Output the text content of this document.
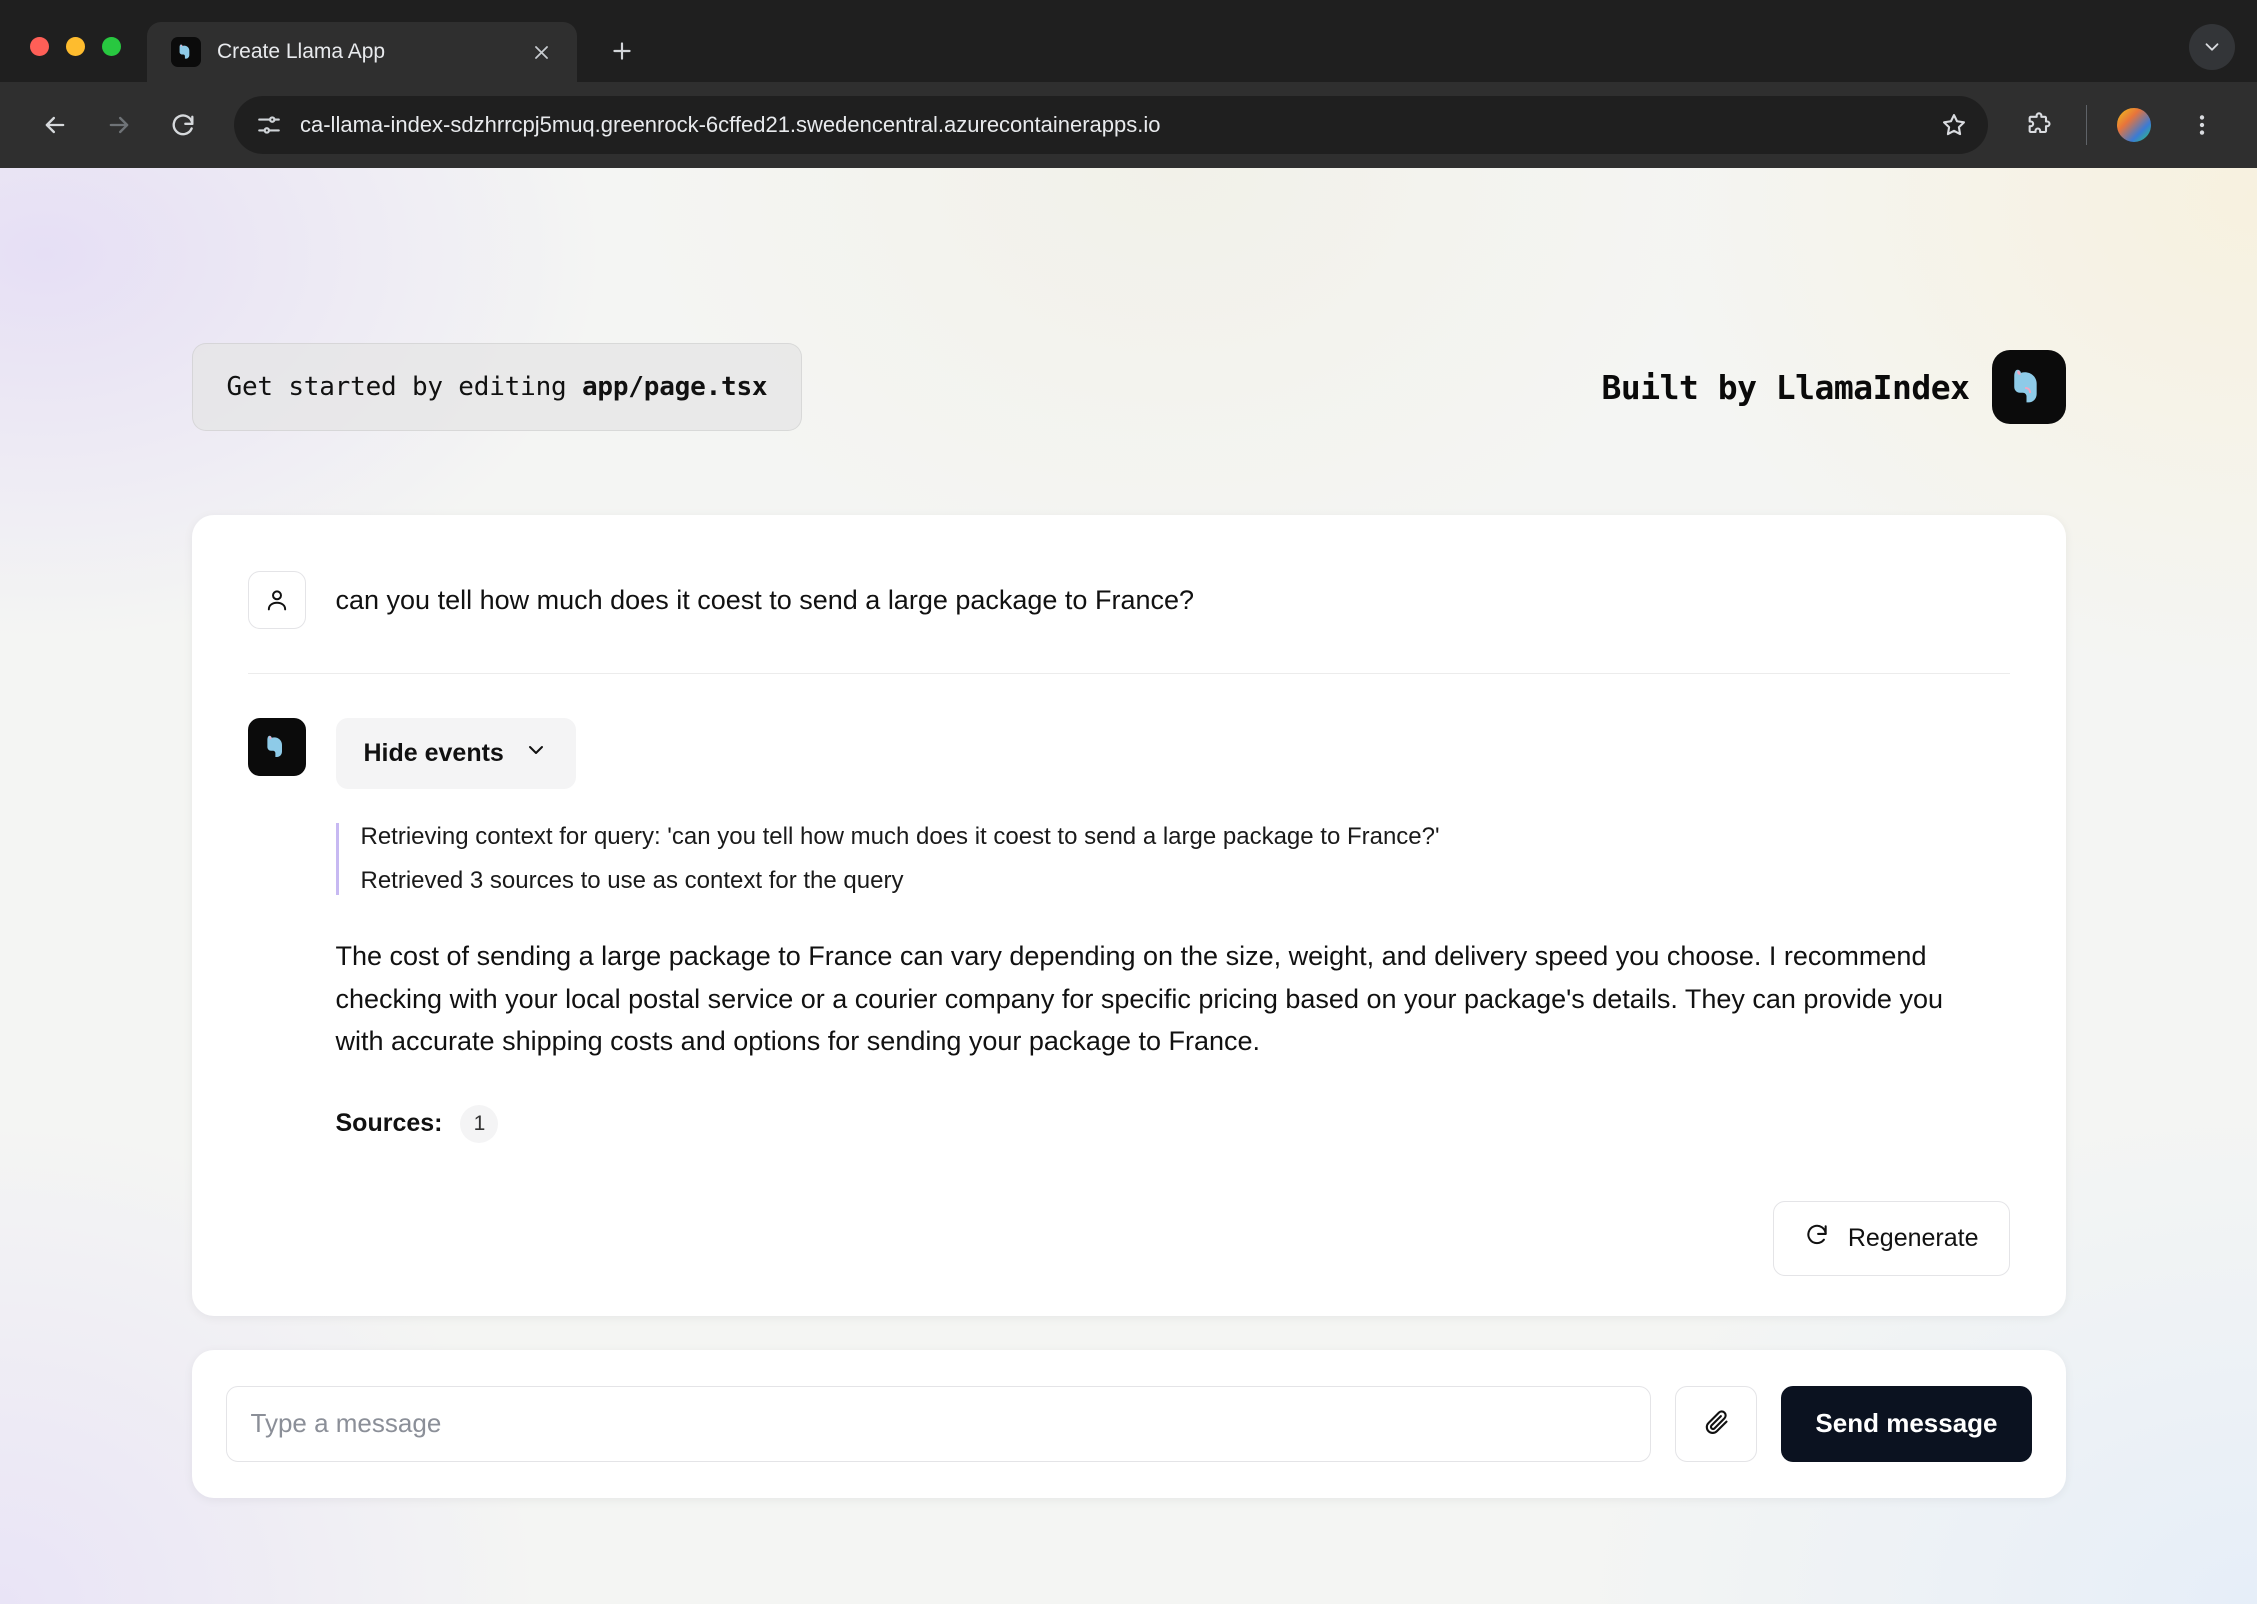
Create Llama App
ca-llama-index-sdzhrrcpj5muq.greenrock-6cffed21.swedencentral.azurecontainerapps.io
Get started by editing app/page.tsx	Built by LlamaIndex
can you tell how much does it coest to send a large package to France?
Hide events
Retrieving context for query: 'can you tell how much does it coest to send a large package to France?'
Retrieved 3 sources to use as context for the query
The cost of sending a large package to France can vary depending on the size, weight, and delivery speed you choose. I recommend checking with your local postal service or a courier company for specific pricing based on your package's details. They can provide you with accurate shipping costs and options for sending your package to France.
Sources:	1
Regenerate
Type a message
Send message
